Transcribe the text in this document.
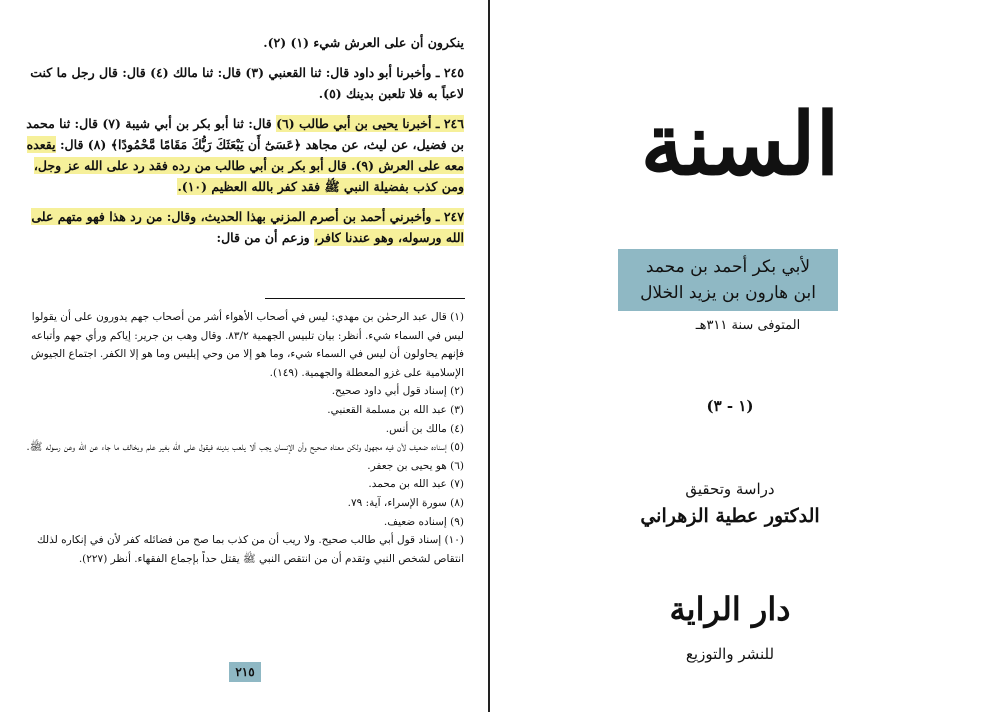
ينكرون أن على العرش شيء (١) (٢).

٢٤٥ ـ وأخبرنا أبو داود قال: ثنا القعنبي (٣) قال: ثنا مالك (٤) قال: قال رجل ما كنت لاعباً به فلا تلعبن بدينك (٥).

٢٤٦ ـ أخبرنا يحيى بن أبي طالب (٦) قال: ثنا أبو بكر بن أبي شيبة (٧) قال: ثنا محمد بن فضيل، عن ليث، عن مجاهد ﴿عَسَىٰٓ أَن يَبْعَثَكَ رَبُّكَ مَقَامًا مَّحْمُودًا﴾ (٨) قال: يقعده معه على العرش (٩). قال أبو بكر بن أبي طالب من رده فقد رد على الله عز وجل، ومن كذب بفضيلة النبي ﷺ فقد كفر بالله العظيم (١٠).

٢٤٧ ـ وأخبرني أحمد بن أصرم المزني بهذا الحديث، وقال: من رد هذا فهو متهم على الله ورسوله، وهو عندنا كافر، وزعم أن من قال:

(١) قال عبد الرحمٰن بن مهدي: ليس في أصحاب الأهواء أشر من أصحاب جهم يدورون على أن يقولوا ليس في السماء شيء. أنظر: بيان تلبيس الجهمية ٨٣/٢. وقال وهب بن جرير: إياكم ورأي جهم وأتباعه فإنهم يحاولون أن ليس في السماء شيء، وما هو إلا من وحي إبليس وما هو إلا الكفر. اجتماع الجيوش الإسلامية على غزو المعطلة والجهمية. (١٤٩).

(٢) إسناد قول أبي داود صحيح.

(٣) عبد الله بن مسلمة القعنبي.

(٤) مالك بن أنس.

(٥) إسناده ضعيف لأن فيه مجهول ولكن معناه صحيح وأن الإنسان يجب ألا يلعب بدينه فيقول على الله بغير علم ويخالف ما جاء عن الله وعن رسوله ﷺ.

(٦) هو يحيى بن جعفر.

(٧) عبد الله بن محمد.

(٨) سورة الإسراء، آية: ٧٩.

(٩) إسناده ضعيف.

(١٠) إسناد قول أبي طالب صحيح. ولا ريب أن من كذب بما صح من فضائله كفر لأن في إنكاره لذلك انتقاص لشخص النبي وتقدم أن من انتقص النبي ﷺ يقتل حداً بإجماع الفقهاء. أنظر (٢٢٧).

٢١٥
السنة
لأبي بكر أحمد بن محمد
ابن هارون بن يزيد الخلال
المتوفى سنة ٣١١هـ
(١ - ٣)
دراسة وتحقيق
الدكتور عطية الزهراني
دار الراية
للنشر والتوزيع
